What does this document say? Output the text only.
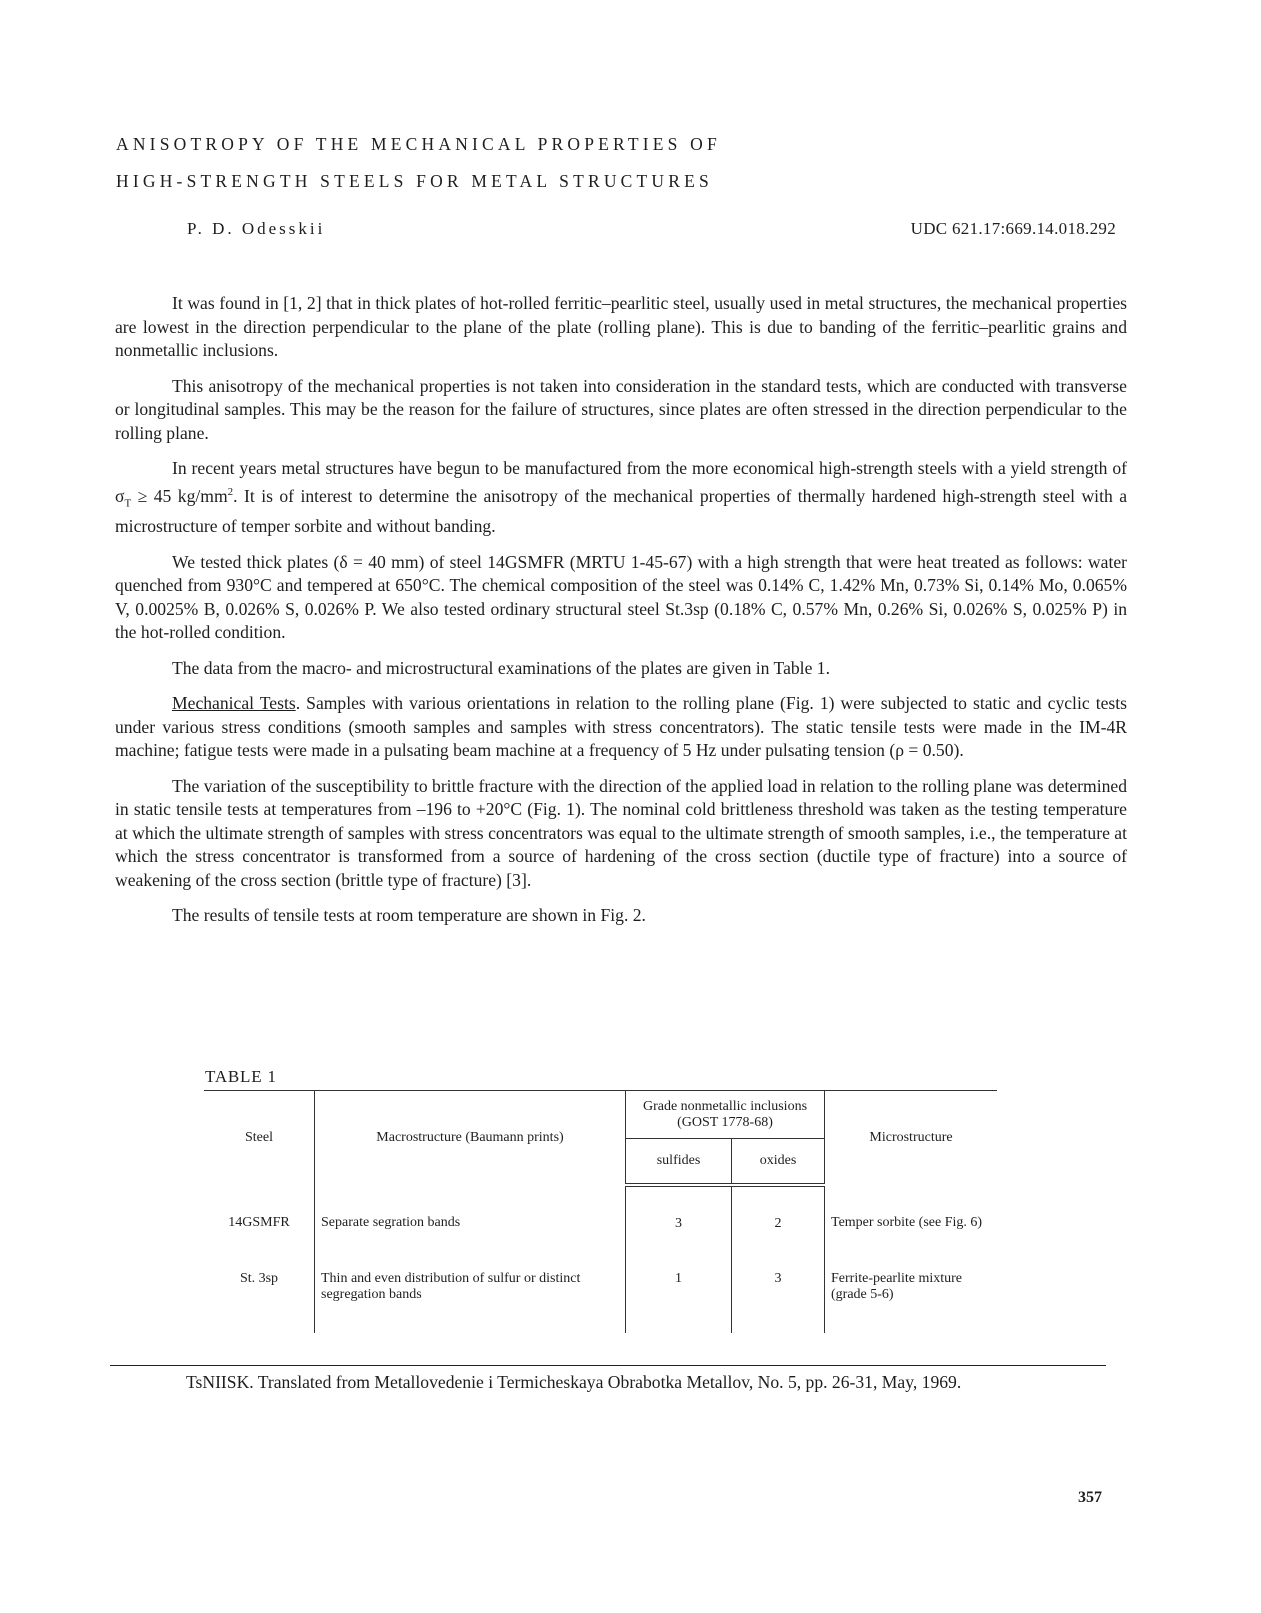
ANISOTROPY OF THE MECHANICAL PROPERTIES OF
HIGH-STRENGTH STEELS FOR METAL STRUCTURES
P. D. Odesskii	UDC 621.17:669.14.018.292

It was found in [1, 2] that in thick plates of hot-rolled ferritic–pearlitic steel, usually used in metal structures, the mechanical properties are lowest in the direction perpendicular to the plane of the plate (rolling plane). This is due to banding of the ferritic–pearlitic grains and nonmetallic inclusions.

This anisotropy of the mechanical properties is not taken into consideration in the standard tests, which are conducted with transverse or longitudinal samples. This may be the reason for the failure of structures, since plates are often stressed in the direction perpendicular to the rolling plane.

In recent years metal structures have begun to be manufactured from the more economical high-strength steels with a yield strength of $\sigma_T \ge 45$ $kg/mm^2$. It is of interest to determine the anisotropy of the mechanical properties of thermally hardened high-strength steel with a microstructure of temper sorbite and without banding.

We tested thick plates (δ = 40 mm) of steel 14GSMFR (MRTU 1-45-67) with a high strength that were heat treated as follows: water quenched from 930°C and tempered at 650°C. The chemical composition of the steel was 0.14% C, 1.42% Mn, 0.73% Si, 0.14% Mo, 0.065% V, 0.0025% B, 0.026% S, 0.026% P. We also tested ordinary structural steel St.3sp (0.18% C, 0.57% Mn, 0.26% Si, 0.026% S, 0.025% P) in the hot-rolled condition.

The data from the macro- and microstructural examinations of the plates are given in Table 1.

Mechanical Tests. Samples with various orientations in relation to the rolling plane (Fig. 1) were subjected to static and cyclic tests under various stress conditions (smooth samples and samples with stress concentrators). The static tensile tests were made in the IM-4R machine; fatigue tests were made in a pulsating beam machine at a frequency of 5 Hz under pulsating tension (ρ = 0.50).

The variation of the susceptibility to brittle fracture with the direction of the applied load in relation to the rolling plane was determined in static tensile tests at temperatures from –196 to +20°C (Fig. 1). The nominal cold brittleness threshold was taken as the testing temperature at which the ultimate strength of samples with stress concentrators was equal to the ultimate strength of smooth samples, i.e., the temperature at which the stress concentrator is transformed from a source of hardening of the cross section (ductile type of fracture) into a source of weakening of the cross section (brittle type of fracture) [3].

The results of tensile tests at room temperature are shown in Fig. 2.

TABLE 1
Steel	Macrostructure (Baumann prints)	Grade nonmetallic inclusions (GOST 1778-68)		Microstructure
		sulfides	oxides	
14GSMFR	Separate segration bands	3	2	Temper sorbite (see Fig. 6)
St. 3sp	Thin and even distribution of sulfur or distinct segregation bands	1	3	Ferrite-pearlite mixture (grade 5-6)

TsNIISK. Translated from Metallovedenie i Termicheskaya Obrabotka Metallov, No. 5, pp. 26-31, May, 1969.

357
